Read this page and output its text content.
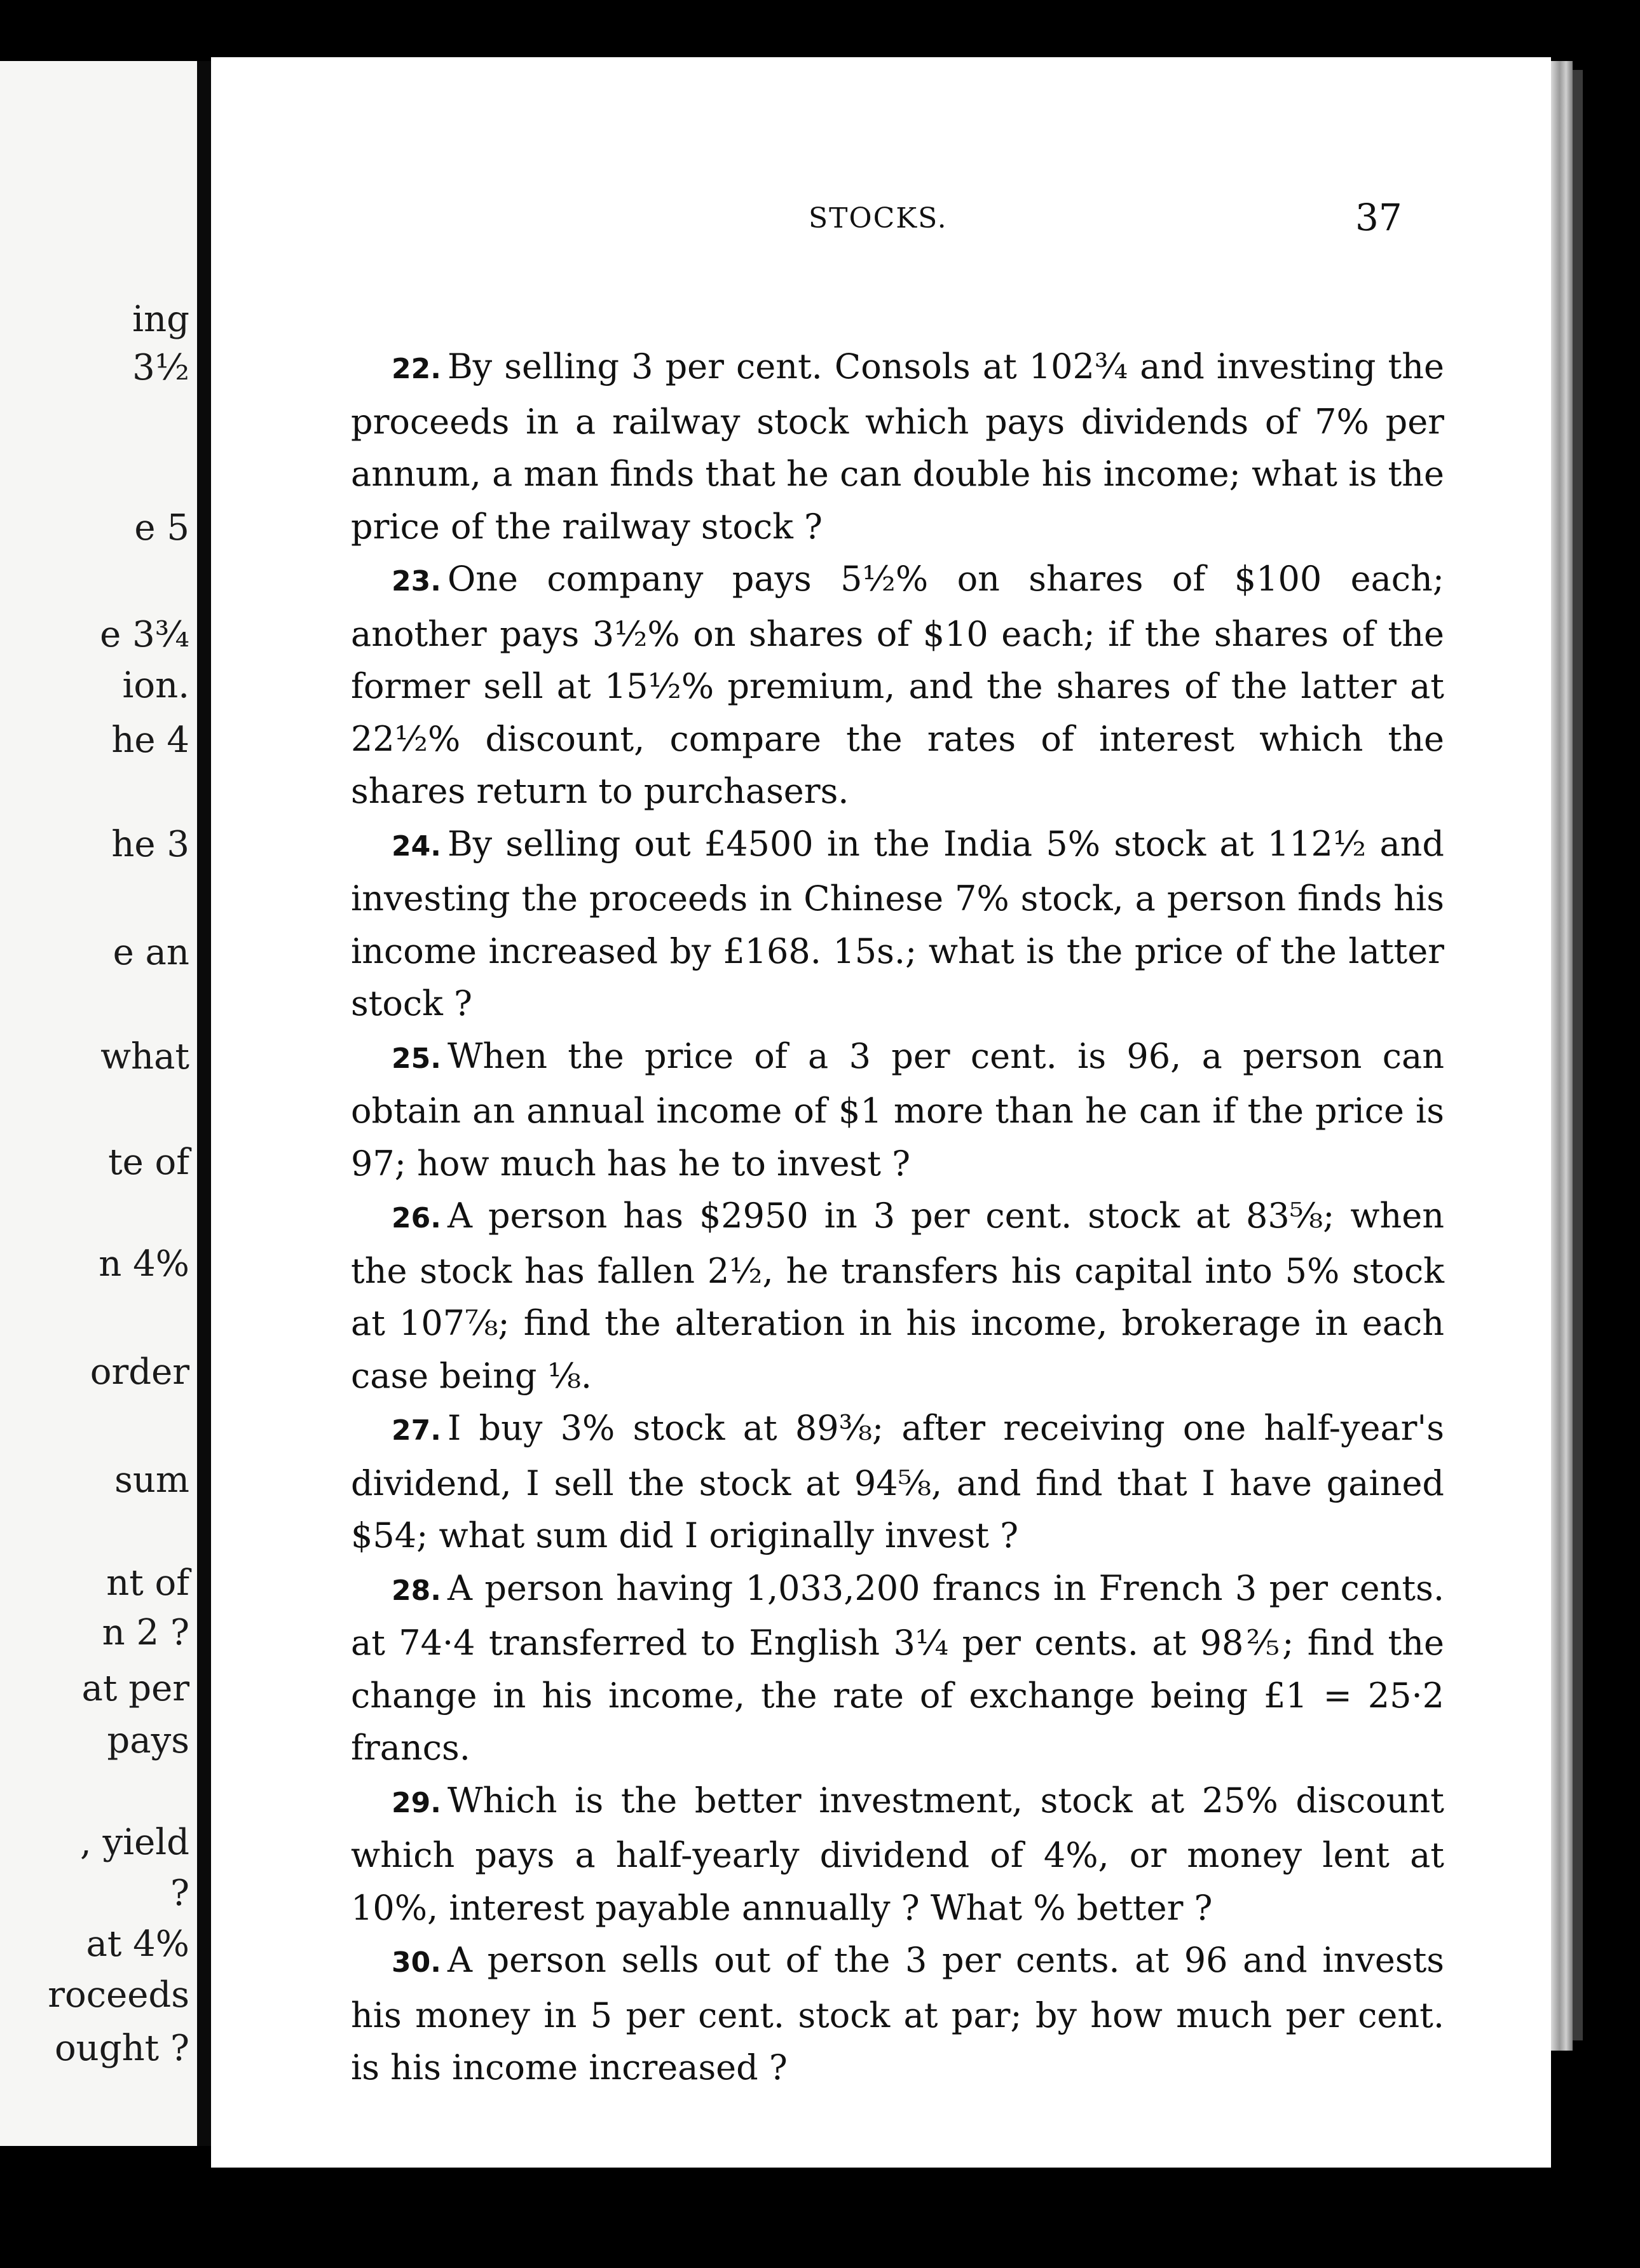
ing
3½
e 5
e 3¾
ion.
he 4
he 3
e an
what
te of
n 4%
order
sum
nt of
n 2 ?
at per
pays
, yield
?
at 4%
roceeds
ought ?
STOCKS.	37

22. By selling 3 per cent. Consols at 102¾ and investing the proceeds in a railway stock which pays dividends of 7% per annum, a man finds that he can double his income; what is the price of the railway stock ?

23. One company pays 5½% on shares of $100 each; another pays 3½% on shares of $10 each; if the shares of the former sell at 15½% premium, and the shares of the latter at 22½% discount, compare the rates of interest which the shares return to purchasers.

24. By selling out £4500 in the India 5% stock at 112½ and investing the proceeds in Chinese 7% stock, a person finds his income increased by £168. 15s.; what is the price of the latter stock ?

25. When the price of a 3 per cent. is 96, a person can obtain an annual income of $1 more than he can if the price is 97; how much has he to invest ?

26. A person has $2950 in 3 per cent. stock at 83⅝; when the stock has fallen 2½, he transfers his capital into 5% stock at 107⅞; find the alteration in his income, brokerage in each case being ⅛.

27. I buy 3% stock at 89⅜; after receiving one half-year's dividend, I sell the stock at 94⅝, and find that I have gained $54; what sum did I originally invest ?

28. A person having 1,033,200 francs in French 3 per cents. at 74·4 transferred to English 3¼ per cents. at 98⅖; find the change in his income, the rate of exchange being £1 = 25·2 francs.

29. Which is the better investment, stock at 25% discount which pays a half-yearly dividend of 4%, or money lent at 10%, interest payable annually ? What % better ?

30. A person sells out of the 3 per cents. at 96 and invests his money in 5 per cent. stock at par; by how much per cent. is his income increased ?
